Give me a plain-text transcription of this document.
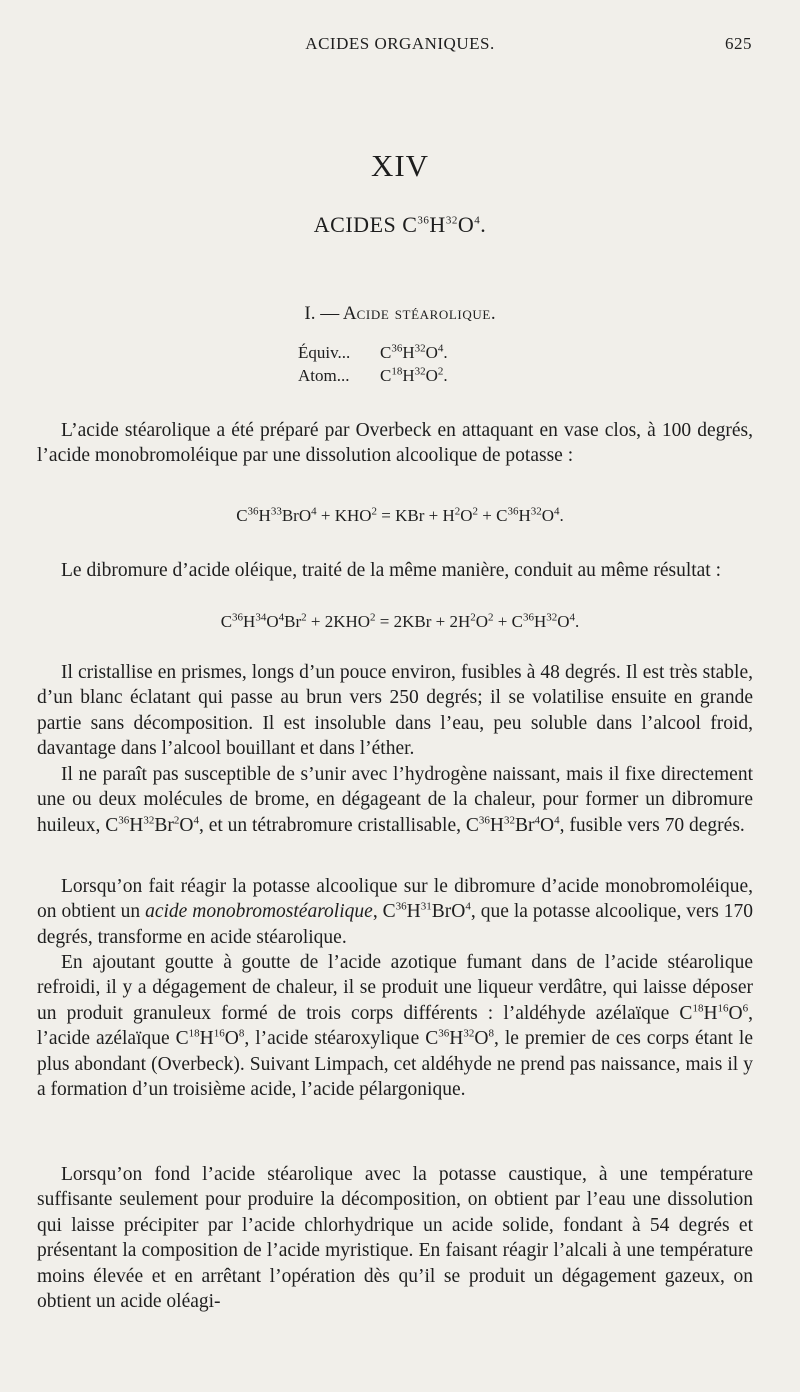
ACIDES ORGANIQUES.	625
XIV
ACIDES $C^{36}H^{32}O^4$.
I. — Acide stéarolique.
Équiv... $C^{36}H^{32}O^4$.
Atom... $C^{18}H^{32}O^2$.
L’acide stéarolique a été préparé par Overbeck en attaquant en vase clos, à 100 degrés, l’acide monobromoléique par une dissolution alcoolique de potasse :
$C^{36}H^{33}BrO^4 + KHO^2$ = KBr + $H^2O^2 + C^{36}H^{32}O^4$.
Le dibromure d’acide oléique, traité de la même manière, conduit au même résultat :
$C^{36}H^{34}O^4Br^2 + 2KHO^2 = 2KBr + 2H^2O^2 + C^{36}H^{32}O^4$.
Il cristallise en prismes, longs d’un pouce environ, fusibles à 48 degrés. Il est très stable, d’un blanc éclatant qui passe au brun vers 250 degrés; il se volatilise ensuite en grande partie sans décomposition. Il est insoluble dans l’eau, peu soluble dans l’alcool froid, davantage dans l’alcool bouillant et dans l’éther.
Il ne paraît pas susceptible de s’unir avec l’hydrogène naissant, mais il fixe directement une ou deux molécules de brome, en dégageant de la chaleur, pour former un dibromure huileux, $C^{36}H^{32}Br^2O^4$, et un tétrabromure cristallisable, $C^{36}H^{32}Br^4O^4$, fusible vers 70 degrés.
Lorsqu’on fait réagir la potasse alcoolique sur le dibromure d’acide monobromoléique, on obtient un acide monobromostéarolique, $C^{36}H^{31}BrO^4$, que la potasse alcoolique, vers 170 degrés, transforme en acide stéarolique.
En ajoutant goutte à goutte de l’acide azotique fumant dans de l’acide stéarolique refroidi, il y a dégagement de chaleur, il se produit une liqueur verdâtre, qui laisse déposer un produit granuleux formé de trois corps différents : l’aldéhyde azélaïque $C^{18}H^{16}O^6$, l’acide azélaïque $C^{18}H^{16}O^8$, l’acide stéaroxylique $C^{36}H^{32}O^8$, le premier de ces corps étant le plus abondant (Overbeck). Suivant Limpach, cet aldéhyde ne prend pas naissance, mais il y a formation d’un troisième acide, l’acide pélargonique.
Lorsqu’on fond l’acide stéarolique avec la potasse caustique, à une température suffisante seulement pour produire la décomposition, on obtient par l’eau une dissolution qui laisse précipiter par l’acide chlorhydrique un acide solide, fondant à 54 degrés et présentant la composition de l’acide myristique. En faisant réagir l’alcali à une température moins élevée et en arrêtant l’opération dès qu’il se produit un dégagement gazeux, on obtient un acide oléagi-
